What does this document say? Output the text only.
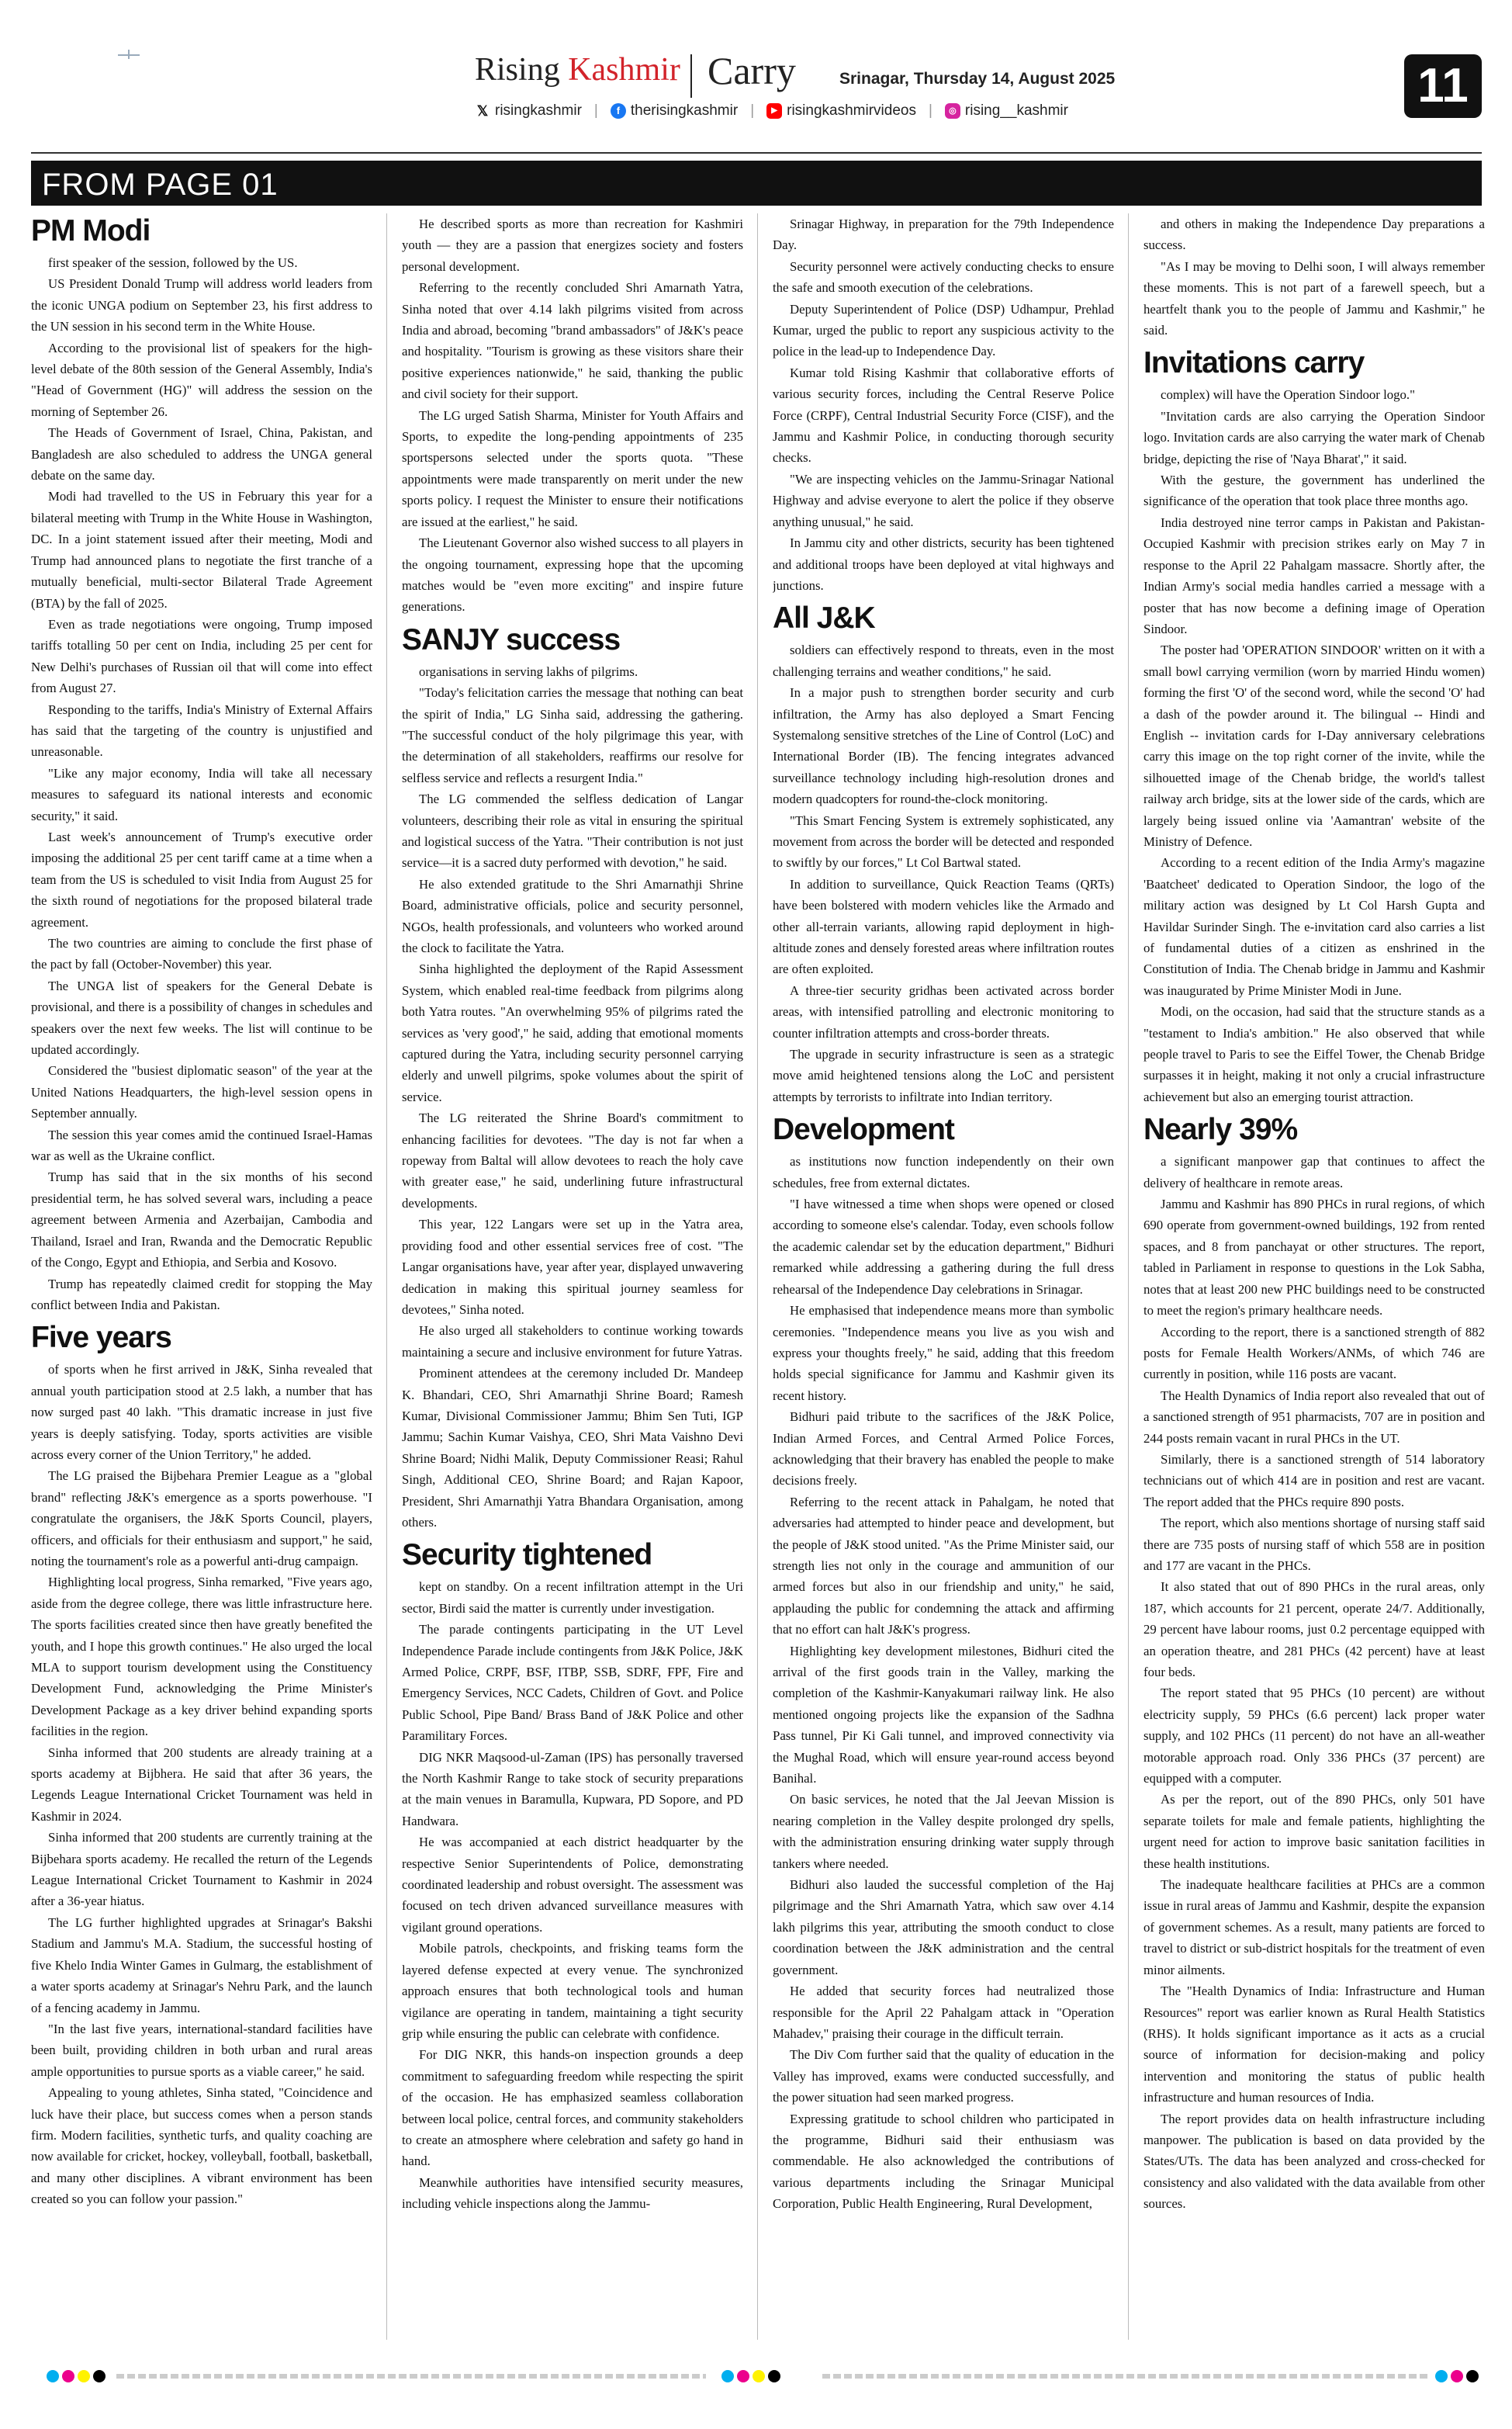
Rising Kashmir Carry	Srinagar, Thursday 14, August 2025	11
𝕏 risingkashmir |	f therisingkashmir |	▶ risingkashmirvideos |	◎ rising__kashmir
FROM PAGE 01
PM Modi

first speaker of the session, followed by the US.

US President Donald Trump will address world leaders from the iconic UNGA podium on September 23, his first address to the UN session in his second term in the White House.

According to the provisional list of speakers for the high-level debate of the 80th session of the General Assembly, India's "Head of Government (HG)" will address the session on the morning of September 26.

The Heads of Government of Israel, China, Pakistan, and Bangladesh are also scheduled to address the UNGA general debate on the same day.

Modi had travelled to the US in February this year for a bilateral meeting with Trump in the White House in Washington, DC. In a joint statement issued after their meeting, Modi and Trump had announced plans to negotiate the first tranche of a mutually beneficial, multi-sector Bilateral Trade Agreement (BTA) by the fall of 2025.

Even as trade negotiations were ongoing, Trump imposed tariffs totalling 50 per cent on India, including 25 per cent for New Delhi's purchases of Russian oil that will come into effect from August 27.

Responding to the tariffs, India's Ministry of External Affairs has said that the targeting of the country is unjustified and unreasonable.

"Like any major economy, India will take all necessary measures to safeguard its national interests and economic security," it said.

Last week's announcement of Trump's executive order imposing the additional 25 per cent tariff came at a time when a team from the US is scheduled to visit India from August 25 for the sixth round of negotiations for the proposed bilateral trade agreement.

The two countries are aiming to conclude the first phase of the pact by fall (October-November) this year.

The UNGA list of speakers for the General Debate is provisional, and there is a possibility of changes in schedules and speakers over the next few weeks. The list will continue to be updated accordingly.

Considered the "busiest diplomatic season" of the year at the United Nations Headquarters, the high-level session opens in September annually.

The session this year comes amid the continued Israel-Hamas war as well as the Ukraine conflict.

Trump has said that in the six months of his second presidential term, he has solved several wars, including a peace agreement between Armenia and Azerbaijan, Cambodia and Thailand, Israel and Iran, Rwanda and the Democratic Republic of the Congo, Egypt and Ethiopia, and Serbia and Kosovo.

Trump has repeatedly claimed credit for stopping the May conflict between India and Pakistan.

Five years

of sports when he first arrived in J&K, Sinha revealed that annual youth participation stood at 2.5 lakh, a number that has now surged past 40 lakh. "This dramatic increase in just five years is deeply satisfying. Today, sports activities are visible across every corner of the Union Territory," he added.

The LG praised the Bijbehara Premier League as a "global brand" reflecting J&K's emergence as a sports powerhouse. "I congratulate the organisers, the J&K Sports Council, players, officers, and officials for their enthusiasm and support," he said, noting the tournament's role as a powerful anti-drug campaign.

Highlighting local progress, Sinha remarked, "Five years ago, aside from the degree college, there was little infrastructure here. The sports facilities created since then have greatly benefited the youth, and I hope this growth continues." He also urged the local MLA to support tourism development using the Constituency Development Fund, acknowledging the Prime Minister's Development Package as a key driver behind expanding sports facilities in the region.

Sinha informed that 200 students are already training at a sports academy at Bijbhera. He said that after 36 years, the Legends League International Cricket Tournament was held in Kashmir in 2024.

Sinha informed that 200 students are currently training at the Bijbehara sports academy. He recalled the return of the Legends League International Cricket Tournament to Kashmir in 2024 after a 36-year hiatus.

The LG further highlighted upgrades at Srinagar's Bakshi Stadium and Jammu's M.A. Stadium, the successful hosting of five Khelo India Winter Games in Gulmarg, the establishment of a water sports academy at Srinagar's Nehru Park, and the launch of a fencing academy in Jammu.

"In the last five years, international-standard facilities have been built, providing children in both urban and rural areas ample opportunities to pursue sports as a viable career," he said.

Appealing to young athletes, Sinha stated, "Coincidence and luck have their place, but success comes when a person stands firm. Modern facilities, synthetic turfs, and quality coaching are now available for cricket, hockey, volleyball, football, basketball, and many other disciplines. A vibrant environment has been created so you can follow your passion."

He described sports as more than recreation for Kashmiri youth — they are a passion that energizes society and fosters personal development.

Referring to the recently concluded Shri Amarnath Yatra, Sinha noted that over 4.14 lakh pilgrims visited from across India and abroad, becoming "brand ambassadors" of J&K's peace and hospitality. "Tourism is growing as these visitors share their positive experiences nationwide," he said, thanking the public and civil society for their support.

The LG urged Satish Sharma, Minister for Youth Affairs and Sports, to expedite the long-pending appointments of 235 sportspersons selected under the sports quota. "These appointments were made transparently on merit under the new sports policy. I request the Minister to ensure their notifications are issued at the earliest," he said.

The Lieutenant Governor also wished success to all players in the ongoing tournament, expressing hope that the upcoming matches would be "even more exciting" and inspire future generations.

SANJY success

organisations in serving lakhs of pilgrims.

"Today's felicitation carries the message that nothing can beat the spirit of India," LG Sinha said, addressing the gathering. "The successful conduct of the holy pilgrimage this year, with the determination of all stakeholders, reaffirms our resolve for selfless service and reflects a resurgent India."

The LG commended the selfless dedication of Langar volunteers, describing their role as vital in ensuring the spiritual and logistical success of the Yatra. "Their contribution is not just service—it is a sacred duty performed with devotion," he said.

He also extended gratitude to the Shri Amarnathji Shrine Board, administrative officials, police and security personnel, NGOs, health professionals, and volunteers who worked around the clock to facilitate the Yatra.

Sinha highlighted the deployment of the Rapid Assessment System, which enabled real-time feedback from pilgrims along both Yatra routes. "An overwhelming 95% of pilgrims rated the services as 'very good'," he said, adding that emotional moments captured during the Yatra, including security personnel carrying elderly and unwell pilgrims, spoke volumes about the spirit of service.

The LG reiterated the Shrine Board's commitment to enhancing facilities for devotees. "The day is not far when a ropeway from Baltal will allow devotees to reach the holy cave with greater ease," he said, underlining future infrastructural developments.

This year, 122 Langars were set up in the Yatra area, providing food and other essential services free of cost. "The Langar organisations have, year after year, displayed unwavering dedication in making this spiritual journey seamless for devotees," Sinha noted.

He also urged all stakeholders to continue working towards maintaining a secure and inclusive environment for future Yatras.

Prominent attendees at the ceremony included Dr. Mandeep K. Bhandari, CEO, Shri Amarnathji Shrine Board; Ramesh Kumar, Divisional Commissioner Jammu; Bhim Sen Tuti, IGP Jammu; Sachin Kumar Vaishya, CEO, Shri Mata Vaishno Devi Shrine Board; Nidhi Malik, Deputy Commissioner Reasi; Rahul Singh, Additional CEO, Shrine Board; and Rajan Kapoor, President, Shri Amarnathji Yatra Bhandara Organisation, among others.

Security tightened

kept on standby. On a recent infiltration attempt in the Uri sector, Birdi said the matter is currently under investigation.

The parade contingents participating in the UT Level Independence Parade include contingents from J&K Police, J&K Armed Police, CRPF, BSF, ITBP, SSB, SDRF, FPF, Fire and Emergency Services, NCC Cadets, Children of Govt. and Police Public School, Pipe Band/ Brass Band of J&K Police and other Paramilitary Forces.

DIG NKR Maqsood-ul-Zaman (IPS) has personally traversed the North Kashmir Range to take stock of security preparations at the main venues in Baramulla, Kupwara, PD Sopore, and PD Handwara.

He was accompanied at each district headquarter by the respective Senior Superintendents of Police, demonstrating coordinated leadership and robust oversight. The assessment was focused on tech driven advanced surveillance measures with vigilant ground operations.

Mobile patrols, checkpoints, and frisking teams form the layered defense expected at every venue. The synchronized approach ensures that both technological tools and human vigilance are operating in tandem, maintaining a tight security grip while ensuring the public can celebrate with confidence.

For DIG NKR, this hands-on inspection grounds a deep commitment to safeguarding freedom while respecting the spirit of the occasion. He has emphasized seamless collaboration between local police, central forces, and community stakeholders to create an atmosphere where celebration and safety go hand in hand.

Meanwhile authorities have intensified security measures, including vehicle inspections along the Jammu-

Srinagar Highway, in preparation for the 79th Independence Day.

Security personnel were actively conducting checks to ensure the safe and smooth execution of the celebrations.

Deputy Superintendent of Police (DSP) Udhampur, Prehlad Kumar, urged the public to report any suspicious activity to the police in the lead-up to Independence Day.

Kumar told Rising Kashmir that collaborative efforts of various security forces, including the Central Reserve Police Force (CRPF), Central Industrial Security Force (CISF), and the Jammu and Kashmir Police, in conducting thorough security checks.

"We are inspecting vehicles on the Jammu-Srinagar National Highway and advise everyone to alert the police if they observe anything unusual," he said.

In Jammu city and other districts, security has been tightened and additional troops have been deployed at vital highways and junctions.

All J&K

soldiers can effectively respond to threats, even in the most challenging terrains and weather conditions," he said.

In a major push to strengthen border security and curb infiltration, the Army has also deployed a Smart Fencing Systemalong sensitive stretches of the Line of Control (LoC) and International Border (IB). The fencing integrates advanced surveillance technology including high-resolution drones and modern quadcopters for round-the-clock monitoring.

"This Smart Fencing System is extremely sophisticated, any movement from across the border will be detected and responded to swiftly by our forces," Lt Col Bartwal stated.

In addition to surveillance, Quick Reaction Teams (QRTs) have been bolstered with modern vehicles like the Armado and other all-terrain variants, allowing rapid deployment in high-altitude zones and densely forested areas where infiltration routes are often exploited.

A three-tier security gridhas been activated across border areas, with intensified patrolling and electronic monitoring to counter infiltration attempts and cross-border threats.

The upgrade in security infrastructure is seen as a strategic move amid heightened tensions along the LoC and persistent attempts by terrorists to infiltrate into Indian territory.

Development

as institutions now function independently on their own schedules, free from external dictates.

"I have witnessed a time when shops were opened or closed according to someone else's calendar. Today, even schools follow the academic calendar set by the education department," Bidhuri remarked while addressing a gathering during the full dress rehearsal of the Independence Day celebrations in Srinagar.

He emphasised that independence means more than symbolic ceremonies. "Independence means you live as you wish and express your thoughts freely," he said, adding that this freedom holds special significance for Jammu and Kashmir given its recent history.

Bidhuri paid tribute to the sacrifices of the J&K Police, Indian Armed Forces, and Central Armed Police Forces, acknowledging that their bravery has enabled the people to make decisions freely.

Referring to the recent attack in Pahalgam, he noted that adversaries had attempted to hinder peace and development, but the people of J&K stood united. "As the Prime Minister said, our strength lies not only in the courage and ammunition of our armed forces but also in our friendship and unity," he said, applauding the public for condemning the attack and affirming that no effort can halt J&K's progress.

Highlighting key development milestones, Bidhuri cited the arrival of the first goods train in the Valley, marking the completion of the Kashmir-Kanyakumari railway link. He also mentioned ongoing projects like the expansion of the Sadhna Pass tunnel, Pir Ki Gali tunnel, and improved connectivity via the Mughal Road, which will ensure year-round access beyond Banihal.

On basic services, he noted that the Jal Jeevan Mission is nearing completion in the Valley despite prolonged dry spells, with the administration ensuring drinking water supply through tankers where needed.

Bidhuri also lauded the successful completion of the Haj pilgrimage and the Shri Amarnath Yatra, which saw over 4.14 lakh pilgrims this year, attributing the smooth conduct to close coordination between the J&K administration and the central government.

He added that security forces had neutralized those responsible for the April 22 Pahalgam attack in "Operation Mahadev," praising their courage in the difficult terrain.

The Div Com further said that the quality of education in the Valley has improved, exams were conducted successfully, and the power situation had seen marked progress.

Expressing gratitude to school children who participated in the programme, Bidhuri said their enthusiasm was commendable. He also acknowledged the contributions of various departments including the Srinagar Municipal Corporation, Public Health Engineering, Rural Development,

and others in making the Independence Day preparations a success.

"As I may be moving to Delhi soon, I will always remember these moments. This is not part of a farewell speech, but a heartfelt thank you to the people of Jammu and Kashmir," he said.

Invitations carry

complex) will have the Operation Sindoor logo."

"Invitation cards are also carrying the Operation Sindoor logo. Invitation cards are also carrying the water mark of Chenab bridge, depicting the rise of 'Naya Bharat'," it said.

With the gesture, the government has underlined the significance of the operation that took place three months ago.

India destroyed nine terror camps in Pakistan and Pakistan-Occupied Kashmir with precision strikes early on May 7 in response to the April 22 Pahalgam massacre. Shortly after, the Indian Army's social media handles carried a message with a poster that has now become a defining image of Operation Sindoor.

The poster had 'OPERATION SINDOOR' written on it with a small bowl carrying vermilion (worn by married Hindu women) forming the first 'O' of the second word, while the second 'O' had a dash of the powder around it. The bilingual -- Hindi and English -- invitation cards for I-Day anniversary celebrations carry this image on the top right corner of the invite, while the silhouetted image of the Chenab bridge, the world's tallest railway arch bridge, sits at the lower side of the cards, which are largely being issued online via 'Aamantran' website of the Ministry of Defence.

According to a recent edition of the India Army's magazine 'Baatcheet' dedicated to Operation Sindoor, the logo of the military action was designed by Lt Col Harsh Gupta and Havildar Surinder Singh. The e-invitation card also carries a list of fundamental duties of a citizen as enshrined in the Constitution of India. The Chenab bridge in Jammu and Kashmir was inaugurated by Prime Minister Modi in June.

Modi, on the occasion, had said that the structure stands as a "testament to India's ambition." He also observed that while people travel to Paris to see the Eiffel Tower, the Chenab Bridge surpasses it in height, making it not only a crucial infrastructure achievement but also an emerging tourist attraction.

Nearly 39%

a significant manpower gap that continues to affect the delivery of healthcare in remote areas.

Jammu and Kashmir has 890 PHCs in rural regions, of which 690 operate from government-owned buildings, 192 from rented spaces, and 8 from panchayat or other structures. The report, tabled in Parliament in response to questions in the Lok Sabha, notes that at least 200 new PHC buildings need to be constructed to meet the region's primary healthcare needs.

According to the report, there is a sanctioned strength of 882 posts for Female Health Workers/ANMs, of which 746 are currently in position, while 116 posts are vacant.

The Health Dynamics of India report also revealed that out of a sanctioned strength of 951 pharmacists, 707 are in position and 244 posts remain vacant in rural PHCs in the UT.

Similarly, there is a sanctioned strength of 514 laboratory technicians out of which 414 are in position and rest are vacant. The report added that the PHCs require 890 posts.

The report, which also mentions shortage of nursing staff said there are 735 posts of nursing staff of which 558 are in position and 177 are vacant in the PHCs.

It also stated that out of 890 PHCs in the rural areas, only 187, which accounts for 21 percent, operate 24/7. Additionally, 29 percent have labour rooms, just 0.2 percentage equipped with an operation theatre, and 281 PHCs (42 percent) have at least four beds.

The report stated that 95 PHCs (10 percent) are without electricity supply, 59 PHCs (6.6 percent) lack proper water supply, and 102 PHCs (11 percent) do not have an all-weather motorable approach road. Only 336 PHCs (37 percent) are equipped with a computer.

As per the report, out of the 890 PHCs, only 501 have separate toilets for male and female patients, highlighting the urgent need for action to improve basic sanitation facilities in these health institutions.

The inadequate healthcare facilities at PHCs are a common issue in rural areas of Jammu and Kashmir, despite the expansion of government schemes. As a result, many patients are forced to travel to district or sub-district hospitals for the treatment of even minor ailments.

The "Health Dynamics of India: Infrastructure and Human Resources" report was earlier known as Rural Health Statistics (RHS). It holds significant importance as it acts as a crucial source of information for decision-making and policy intervention and monitoring the status of public health infrastructure and human resources of India.

The report provides data on health infrastructure including manpower. The publication is based on data provided by the States/UTs. The data has been analyzed and cross-checked for consistency and also validated with the data available from other sources.
